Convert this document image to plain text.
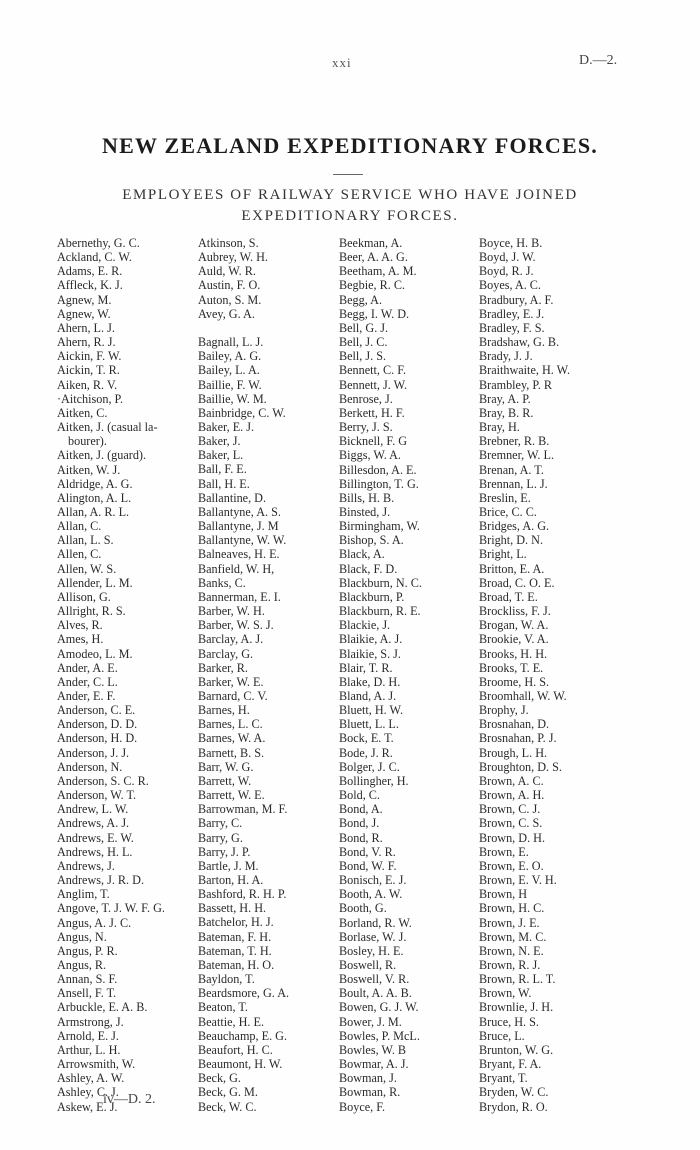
xxi	D.—2.
NEW ZEALAND EXPEDITIONARY FORCES.
EMPLOYEES OF RAILWAY SERVICE WHO HAVE JOINED EXPEDITIONARY FORCES.
Abernethy, G. C.
Ackland, C. W.
Adams, E. R.
Affleck, K. J.
Agnew, M.
Agnew, W.
Ahern, L. J.
Ahern, R. J.
Aickin, F. W.
Aickin, T. R.
Aiken, R. V.
·Aitchison, P.
Aitken, C.
Aitken, J. (casual la-
bourer).
Aitken, J. (guard).
Aitken, W. J.
Aldridge, A. G.
Alington, A. L.
Allan, A. R. L.
Allan, C.
Allan, L. S.
Allen, C.
Allen, W. S.
Allender, L. M.
Allison, G.
Allright, R. S.
Alves, R.
Ames, H.
Amodeo, L. M.
Ander, A. E.
Ander, C. L.
Ander, E. F.
Anderson, C. E.
Anderson, D. D.
Anderson, H. D.
Anderson, J. J.
Anderson, N.
Anderson, S. C. R.
Anderson, W. T.
Andrew, L. W.
Andrews, A. J.
Andrews, E. W.
Andrews, H. L.
Andrews, J.
Andrews, J. R. D.
Anglim, T.
Angove, T. J. W. F. G.
Angus, A. J. C.
Angus, N.
Angus, P. R.
Angus, R.
Annan, S. F.
Ansell, F. T.
Arbuckle, E. A. B.
Armstrong, J.
Arnold, E. J.
Arthur, L. H.
Arrowsmith, W.
Ashley, A. W.
Ashley, C. J.
Askew, E. J.
Atkinson, S.
Aubrey, W. H.
Auld, W. R.
Austin, F. O.
Auton, S. M.
Avey, G. A.
Bagnall, L. J.
Bailey, A. G.
Bailey, L. A.
Baillie, F. W.
Baillie, W. M.
Bainbridge, C. W.
Baker, E. J.
Baker, J.
Baker, L.
Ball, F. E.
Ball, H. E.
Ballantine, D.
Ballantyne, A. S.
Ballantyne, J. M
Ballantyne, W. W.
Balneaves, H. E.
Banfield, W. H,
Banks, C.
Bannerman, E. I.
Barber, W. H.
Barber, W. S. J.
Barclay, A. J.
Barclay, G.
Barker, R.
Barker, W. E.
Barnard, C. V.
Barnes, H.
Barnes, L. C.
Barnes, W. A.
Barnett, B. S.
Barr, W. G.
Barrett, W.
Barrett, W. E.
Barrowman, M. F.
Barry, C.
Barry, G.
Barry, J. P.
Bartle, J. M.
Barton, H. A.
Bashford, R. H. P.
Bassett, H. H.
Batchelor, H. J.
Bateman, F. H.
Bateman, T. H.
Bateman, H. O.
Bayldon, T.
Beardsmore, G. A.
Beaton, T.
Beattie, H. E.
Beauchamp, E. G.
Beaufort, H. C.
Beaumont, H. W.
Beck, G.
Beck, G. M.
Beck, W. C.
Beekman, A.
Beer, A. A. G.
Beetham, A. M.
Begbie, R. C.
Begg, A.
Begg, I. W. D.
Bell, G. J.
Bell, J. C.
Bell, J. S.
Bennett, C. F.
Bennett, J. W.
Benrose, J.
Berkett, H. F.
Berry, J. S.
Bicknell, F. G
Biggs, W. A.
Billesdon, A. E.
Billington, T. G.
Bills, H. B.
Binsted, J.
Birmingham, W.
Bishop, S. A.
Black, A.
Black, F. D.
Blackburn, N. C.
Blackburn, P.
Blackburn, R. E.
Blackie, J.
Blaikie, A. J.
Blaikie, S. J.
Blair, T. R.
Blake, D. H.
Bland, A. J.
Bluett, H. W.
Bluett, L. L.
Bock, E. T.
Bode, J. R.
Bolger, J. C.
Bollingher, H.
Bold, C.
Bond, A.
Bond, J.
Bond, R.
Bond, V. R.
Bond, W. F.
Bonisch, E. J.
Booth, A. W.
Booth, G.
Borland, R. W.
Borlase, W. J.
Bosley, H. E.
Boswell, R.
Boswell, V. R.
Boult, A. A. B.
Bowen, G. J. W.
Bower, J. M.
Bowles, P. McL.
Bowles, W. B
Bowmar, A. J.
Bowman, J.
Bowman, R.
Boyce, F.
Boyce, H. B.
Boyd, J. W.
Boyd, R. J.
Boyes, A. C.
Bradbury, A. F.
Bradley, E. J.
Bradley, F. S.
Bradshaw, G. B.
Brady, J. J.
Braithwaite, H. W.
Brambley, P. R
Bray, A. P.
Bray, B. R.
Bray, H.
Brebner, R. B.
Bremner, W. L.
Brenan, A. T.
Brennan, L. J.
Breslin, E.
Brice, C. C.
Bridges, A. G.
Bright, D. N.
Bright, L.
Britton, E. A.
Broad, C. O. E.
Broad, T. E.
Brockliss, F. J.
Brogan, W. A.
Brookie, V. A.
Brooks, H. H.
Brooks, T. E.
Broome, H. S.
Broomhall, W. W.
Brophy, J.
Brosnahan, D.
Brosnahan, P. J.
Brough, L. H.
Broughton, D. S.
Brown, A. C.
Brown, A. H.
Brown, C. J.
Brown, C. S.
Brown, D. H.
Brown, E.
Brown, E. O.
Brown, E. V. H.
Brown, H
Brown, H. C.
Brown, J. E.
Brown, M. C.
Brown, N. E.
Brown, R. J.
Brown, R. L. T.
Brown, W.
Brownlie, J. H.
Bruce, H. S.
Bruce, L.
Brunton, W. G.
Bryant, F. A.
Bryant, T.
Bryden, W. C.
Brydon, R. O.
iv—D. 2.
